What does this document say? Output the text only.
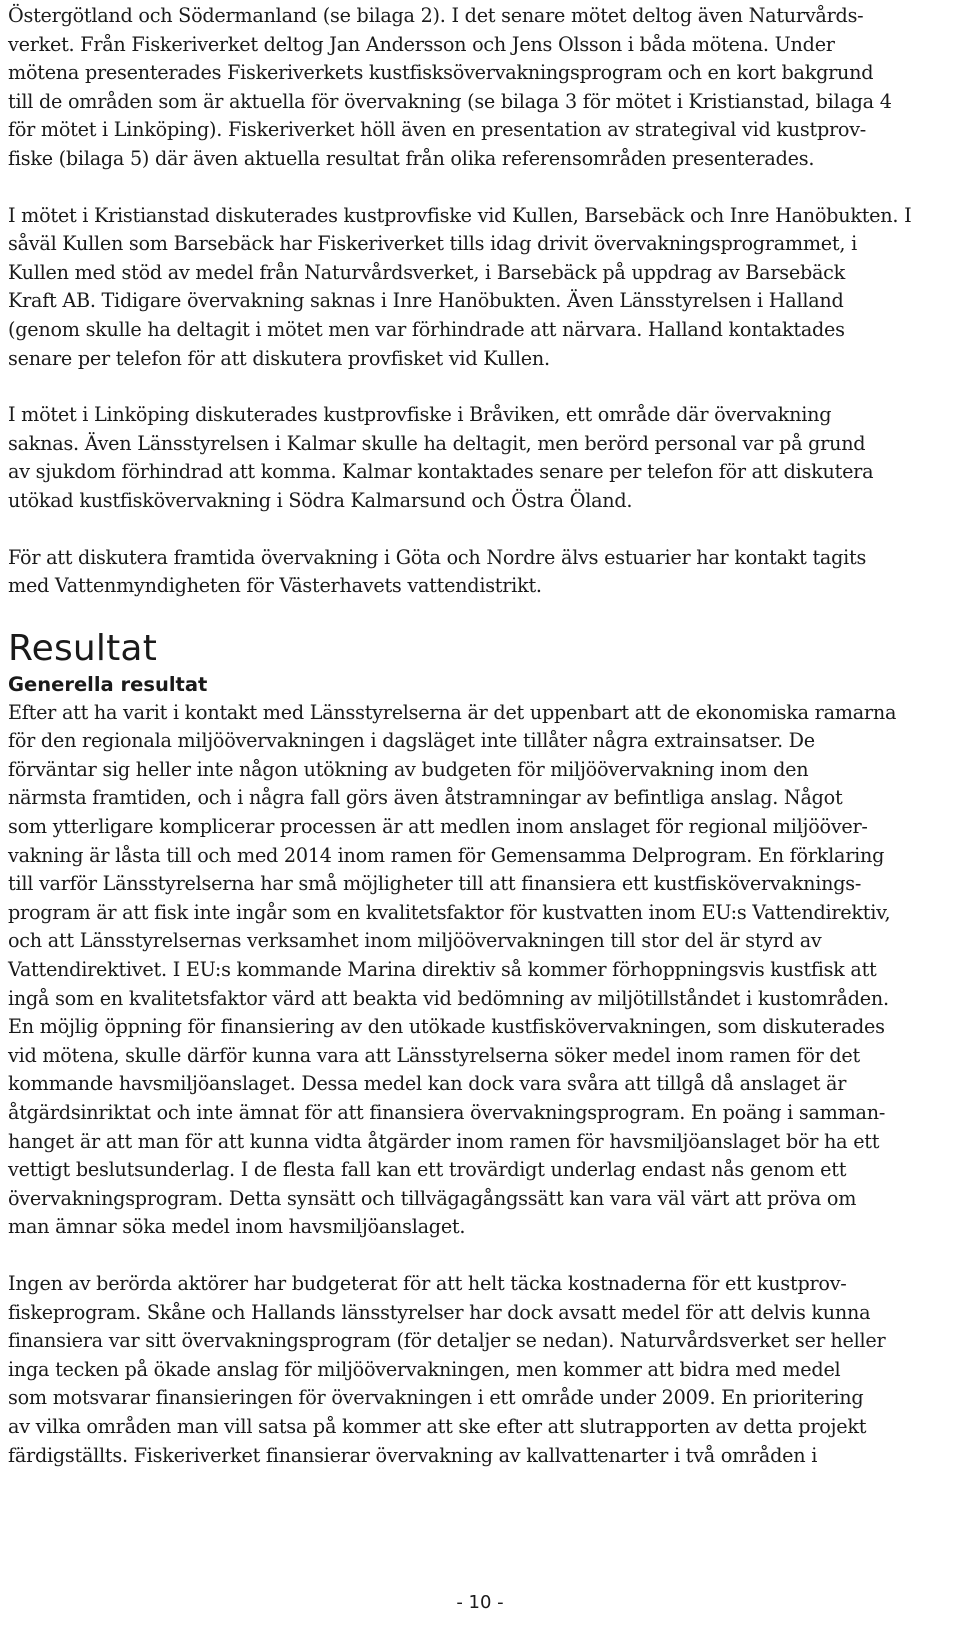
Östergötland och Södermanland (se bilaga 2). I det senare mötet deltog även Naturvårds-
verket. Från Fiskeriverket deltog Jan Andersson och Jens Olsson i båda mötena. Under
mötena presenterades Fiskeriverkets kustfisksövervakningsprogram och en kort bakgrund
till de områden som är aktuella för övervakning (se bilaga 3 för mötet i Kristianstad, bilaga 4
för mötet i Linköping). Fiskeriverket höll även en presentation av strategival vid kustprov-
fiske (bilaga 5) där även aktuella resultat från olika referensområden presenterades.

I mötet i Kristianstad diskuterades kustprovfiske vid Kullen, Barsebäck och Inre Hanöbukten. I
såväl Kullen som Barsebäck har Fiskeriverket tills idag drivit övervakningsprogrammet, i
Kullen med stöd av medel från Naturvårdsverket, i Barsebäck på uppdrag av Barsebäck
Kraft AB. Tidigare övervakning saknas i Inre Hanöbukten. Även Länsstyrelsen i Halland
(genom skulle ha deltagit i mötet men var förhindrade att närvara. Halland kontaktades
senare per telefon för att diskutera provfisket vid Kullen.

I mötet i Linköping diskuterades kustprovfiske i Bråviken, ett område där övervakning
saknas. Även Länsstyrelsen i Kalmar skulle ha deltagit, men berörd personal var på grund
av sjukdom förhindrad att komma. Kalmar kontaktades senare per telefon för att diskutera
utökad kustfiskövervakning i Södra Kalmarsund och Östra Öland.

För att diskutera framtida övervakning i Göta och Nordre älvs estuarier har kontakt tagits
med Vattenmyndigheten för Västerhavets vattendistrikt.

Resultat
Generella resultat

Efter att ha varit i kontakt med Länsstyrelserna är det uppenbart att de ekonomiska ramarna
för den regionala miljöövervakningen i dagsläget inte tillåter några extrainsatser. De
förväntar sig heller inte någon utökning av budgeten för miljöövervakning inom den
närmsta framtiden, och i några fall görs även åtstramningar av befintliga anslag. Något
som ytterligare komplicerar processen är att medlen inom anslaget för regional miljööver-
vakning är låsta till och med 2014 inom ramen för Gemensamma Delprogram. En förklaring
till varför Länsstyrelserna har små möjligheter till att finansiera ett kustfiskövervaknings-
program är att fisk inte ingår som en kvalitetsfaktor för kustvatten inom EU:s Vattendirektiv,
och att Länsstyrelsernas verksamhet inom miljöövervakningen till stor del är styrd av
Vattendirektivet. I EU:s kommande Marina direktiv så kommer förhoppningsvis kustfisk att
ingå som en kvalitetsfaktor värd att beakta vid bedömning av miljötillståndet i kustområden.
En möjlig öppning för finansiering av den utökade kustfiskövervakningen, som diskuterades
vid mötena, skulle därför kunna vara att Länsstyrelserna söker medel inom ramen för det
kommande havsmiljöanslaget. Dessa medel kan dock vara svåra att tillgå då anslaget är
åtgärdsinriktat och inte ämnat för att finansiera övervakningsprogram. En poäng i samman-
hanget är att man för att kunna vidta åtgärder inom ramen för havsmiljöanslaget bör ha ett
vettigt beslutsunderlag. I de flesta fall kan ett trovärdigt underlag endast nås genom ett
övervakningsprogram. Detta synsätt och tillvägagångssätt kan vara väl värt att pröva om
man ämnar söka medel inom havsmiljöanslaget.

Ingen av berörda aktörer har budgeterat för att helt täcka kostnaderna för ett kustprov-
fiskeprogram. Skåne och Hallands länsstyrelser har dock avsatt medel för att delvis kunna
finansiera var sitt övervakningsprogram (för detaljer se nedan). Naturvårdsverket ser heller
inga tecken på ökade anslag för miljöövervakningen, men kommer att bidra med medel
som motsvarar finansieringen för övervakningen i ett område under 2009. En prioritering
av vilka områden man vill satsa på kommer att ske efter att slutrapporten av detta projekt
färdigställts. Fiskeriverket finansierar övervakning av kallvattenarter i två områden i

- 10 -
